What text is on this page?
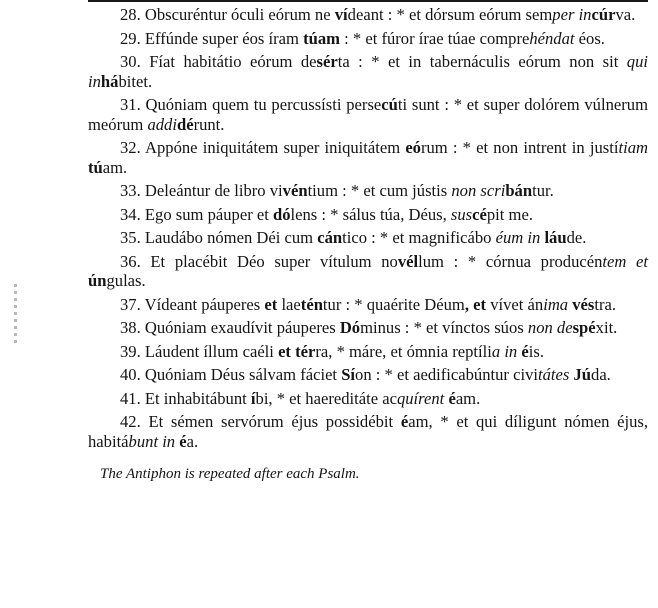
28. Obscuréntur óculi eórum ne vídeant : * et dórsum eórum semper incúrva.

29. Effúnde super éos íram túam : * et fúror írae túae comprehéndat éos.

30. Fíat habitátio eórum desérta : * et in tabernáculis eórum non sit qui inhábitet.

31. Quóniam quem tu percussísti persecúti sunt : * et super dolórem vúlnerum meórum addidérunt.

32. Appóne iniquitátem super iniquitátem eórum : * et non intrent in justítiam túam.

33. Deleántur de libro vivéntium : * et cum jústis non scribántur.

34. Ego sum páuper et dólens : * sálus túa, Déus, suscépit me.

35. Laudábo nómen Déi cum cántico : * et magnificábo éum in láude.

36. Et placébit Déo super vítulum novéllum : * córnua producéntem et úngulas.

37. Vídeant páuperes et laeténtur : * quaérite Déum, et vívet ánima véstra.

38. Quóniam exaudívit páuperes Dóminus : * et vínctos súos non despéxit.

39. Láudent íllum caéli et térra, * máre, et ómnia reptília in éis.

40. Quóniam Déus sálvam fáciet Síon : * et aedificabúntur civitátes Júda.

41. Et inhabitábunt íbi, * et haereditáte acquírent éam.

42. Et sémen servórum éjus possidébit éam, * et qui díligunt nómen éjus, habitábunt in éa.

The Antiphon is repeated after each Psalm.
